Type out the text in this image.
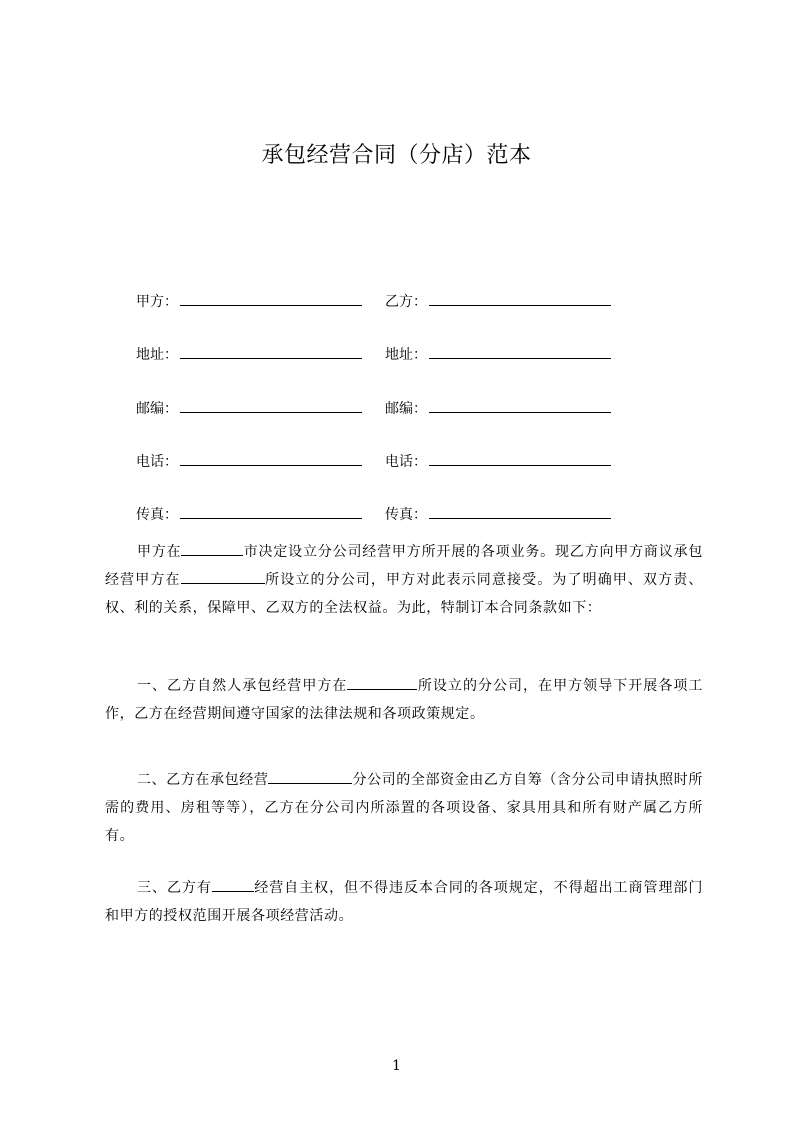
承包经营合同（分店）范本
甲方：	乙方：
地址：	地址：
邮编：	邮编：
电话：	电话：
传真：	传真：

甲方在	市决定设立分公司经营甲方所开展的各项业务。现乙方向甲方商议承包经营甲方在	所设立的分公司，甲方对此表示同意接受。为了明确甲、双方责、权、利的关系，保障甲、乙双方的全法权益。为此，特制订本合同条款如下：

一、乙方自然人承包经营甲方在	所设立的分公司，在甲方领导下开展各项工作，乙方在经营期间遵守国家的法律法规和各项政策规定。

二、乙方在承包经营	分公司的全部资金由乙方自筹（含分公司申请执照时所需的费用、房租等等），乙方在分公司内所添置的各项设备、家具用具和所有财产属乙方所有。

三、乙方有	经营自主权，但不得违反本合同的各项规定，不得超出工商管理部门和甲方的授权范围开展各项经营活动。

1
